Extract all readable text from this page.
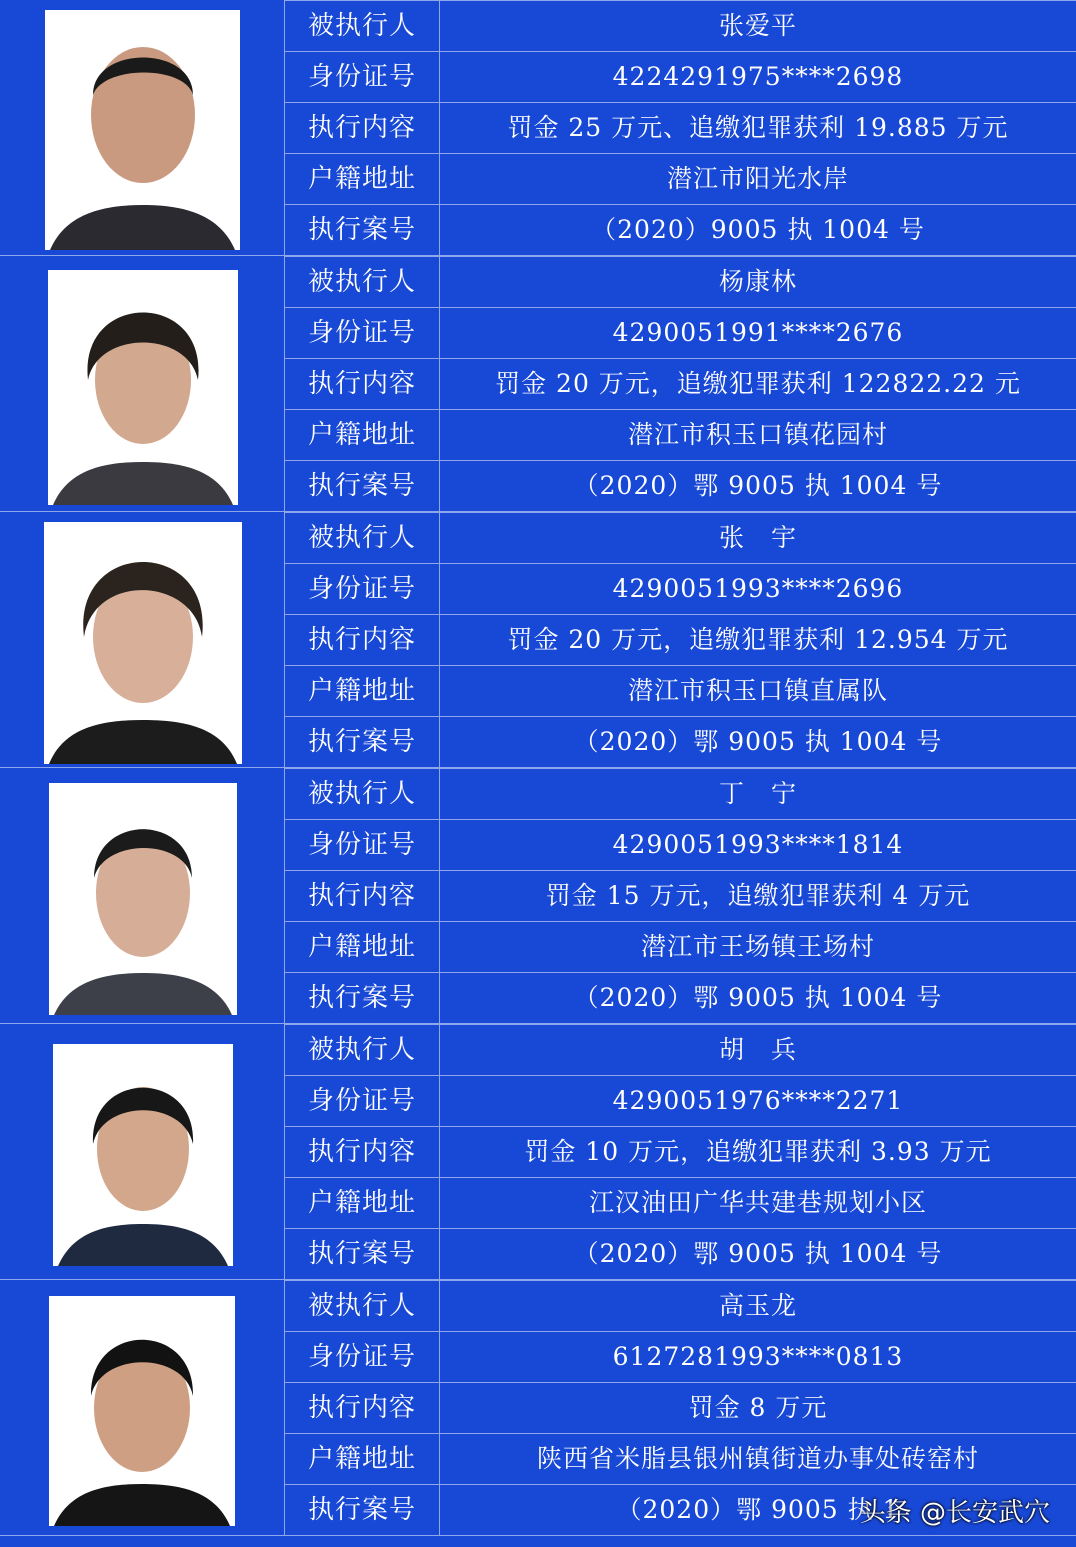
被执行人	张爱平
身份证号	4224291975****2698
执行内容	罚金 25 万元、追缴犯罪获利 19.885 万元
户籍地址	潜江市阳光水岸
执行案号	（2020）9005 执 1004 号
被执行人	杨康林
身份证号	4290051991****2676
执行内容	罚金 20 万元，追缴犯罪获利 122822.22 元
户籍地址	潜江市积玉口镇花园村
执行案号	（2020）鄂 9005 执 1004 号
被执行人	张　宇
身份证号	4290051993****2696
执行内容	罚金 20 万元，追缴犯罪获利 12.954 万元
户籍地址	潜江市积玉口镇直属队
执行案号	（2020）鄂 9005 执 1004 号
被执行人	丁　宁
身份证号	4290051993****1814
执行内容	罚金 15 万元，追缴犯罪获利 4 万元
户籍地址	潜江市王场镇王场村
执行案号	（2020）鄂 9005 执 1004 号
被执行人	胡　兵
身份证号	4290051976****2271
执行内容	罚金 10 万元，追缴犯罪获利 3.93 万元
户籍地址	江汉油田广华共建巷规划小区
执行案号	（2020）鄂 9005 执 1004 号
被执行人	高玉龙
身份证号	6127281993****0813
执行内容	罚金 8 万元
户籍地址	陕西省米脂县银州镇街道办事处砖窑村
执行案号	（2020）鄂 9005 执 1
头条 @长安武穴
